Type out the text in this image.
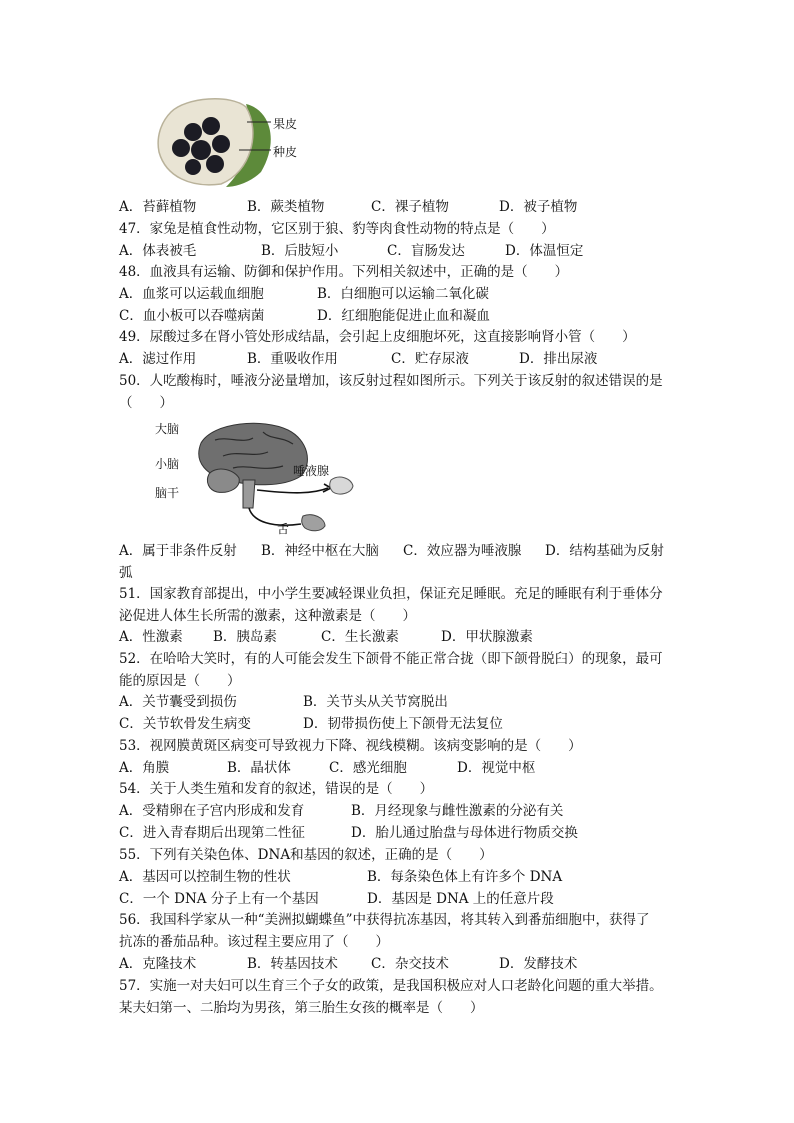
果皮
种皮
A．苔藓植物	B．蕨类植物	C．裸子植物	D．被子植物
47．家兔是植食性动物，它区别于狼、豹等肉食性动物的特点是（　　）
A．体表被毛	B．后肢短小	C．盲肠发达	D．体温恒定
48．血液具有运输、防御和保护作用。下列相关叙述中，正确的是（　　）
A．血浆可以运载血细胞	B．白细胞可以运输二氧化碳
C．血小板可以吞噬病菌	D．红细胞能促进止血和凝血
49．尿酸过多在肾小管处形成结晶，会引起上皮细胞坏死，这直接影响肾小管（　　）
A．滤过作用	B．重吸收作用	C．贮存尿液	D．排出尿液
50．人吃酸梅时，唾液分泌量增加，该反射过程如图所示。下列关于该反射的叙述错误的是
（　　）
大脑
小脑
脑干
唾液腺
舌
A．属于非条件反射 B．神经中枢在大脑 C．效应器为唾液腺 D．结构基础为反射
弧
51．国家教育部提出，中小学生要减轻课业负担，保证充足睡眠。充足的睡眠有利于垂体分
泌促进人体生长所需的激素，这种激素是（　　）
A．性激素 B．胰岛素	C．生长激素	D．甲状腺激素
52．在哈哈大笑时，有的人可能会发生下颌骨不能正常合拢（即下颌骨脱臼）的现象，最可
能的原因是（　　）
A．关节囊受到损伤	B．关节头从关节窝脱出
C．关节软骨发生病变	D．韧带损伤使上下颌骨无法复位
53．视网膜黄斑区病变可导致视力下降、视线模糊。该病变影响的是（　　）
A．角膜	B．晶状体	C．感光细胞	D．视觉中枢
54．关于人类生殖和发育的叙述，错误的是（　　）
A．受精卵在子宫内形成和发育	B．月经现象与雌性激素的分泌有关
C．进入青春期后出现第二性征	D．胎儿通过胎盘与母体进行物质交换
55．下列有关染色体、DNA和基因的叙述，正确的是（　　）
A．基因可以控制生物的性状	B．每条染色体上有许多个 DNA
C．一个 DNA 分子上有一个基因	D．基因是 DNA 上的任意片段
56．我国科学家从一种“美洲拟蝴蝶鱼”中获得抗冻基因，将其转入到番茄细胞中，获得了
抗冻的番茄品种。该过程主要应用了（　　）
A．克隆技术	B．转基因技术 C．杂交技术	D．发酵技术
57．实施一对夫妇可以生育三个子女的政策，是我国积极应对人口老龄化问题的重大举措。
某夫妇第一、二胎均为男孩，第三胎生女孩的概率是（　　）
